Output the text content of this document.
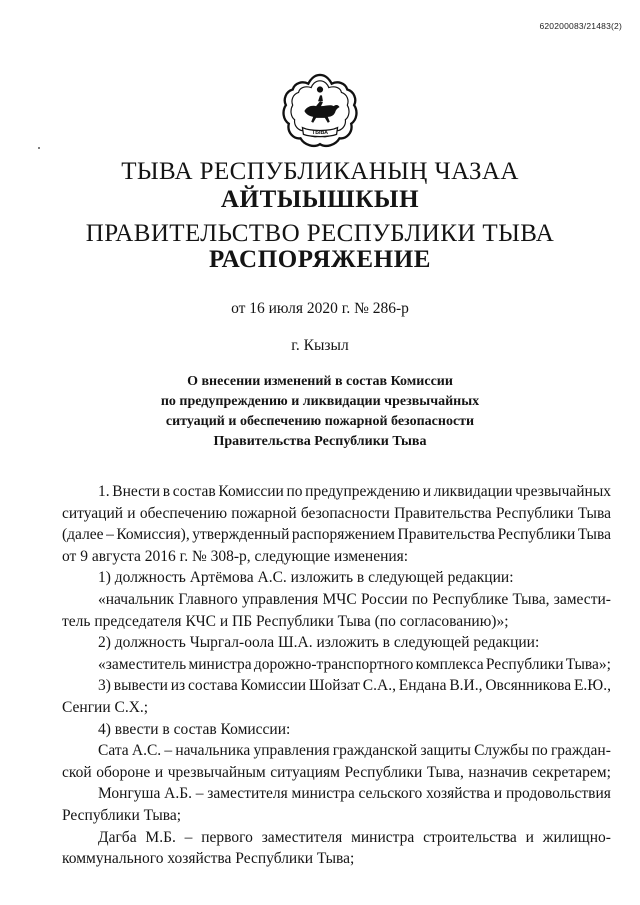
620200083/21483(2)
ТЫВА
ТЫВА РЕСПУБЛИКАНЫҢ ЧАЗАА
АЙТЫЫШКЫН
ПРАВИТЕЛЬСТВО РЕСПУБЛИКИ ТЫВА
РАСПОРЯЖЕНИЕ
от 16 июля 2020 г. № 286-р
г. Кызыл
О внесении изменений в состав Комиссии
по предупреждению и ликвидации чрезвычайных
ситуаций и обеспечению пожарной безопасности
Правительства Республики Тыва
1. Внести в состав Комиссии по предупреждению и ликвидации чрезвычайных
ситуаций и обеспечению пожарной безопасности Правительства Республики Тыва
(далее – Комиссия), утвержденный распоряжением Правительства Республики Тыва
от 9 августа 2016 г. № 308-р, следующие изменения:
1) должность Артёмова А.С. изложить в следующей редакции:
«начальник Главного управления МЧС России по Республике Тыва, замести-
тель председателя КЧС и ПБ Республики Тыва (по согласованию)»;
2) должность Чыргал-оола Ш.А. изложить в следующей редакции:
«заместитель министра дорожно-транспортного комплекса Республики Тыва»;
3) вывести из состава Комиссии Шойзат С.А., Ендана В.И., Овсянникова Е.Ю.,
Сенгии С.Х.;
4) ввести в состав Комиссии:
Сата А.С. – начальника управления гражданской защиты Службы по граждан-
ской обороне и чрезвычайным ситуациям Республики Тыва, назначив секретарем;
Монгуша А.Б. – заместителя министра сельского хозяйства и продовольствия
Республики Тыва;
Дагба М.Б. – первого заместителя министра строительства и жилищно-
коммунального хозяйства Республики Тыва;
